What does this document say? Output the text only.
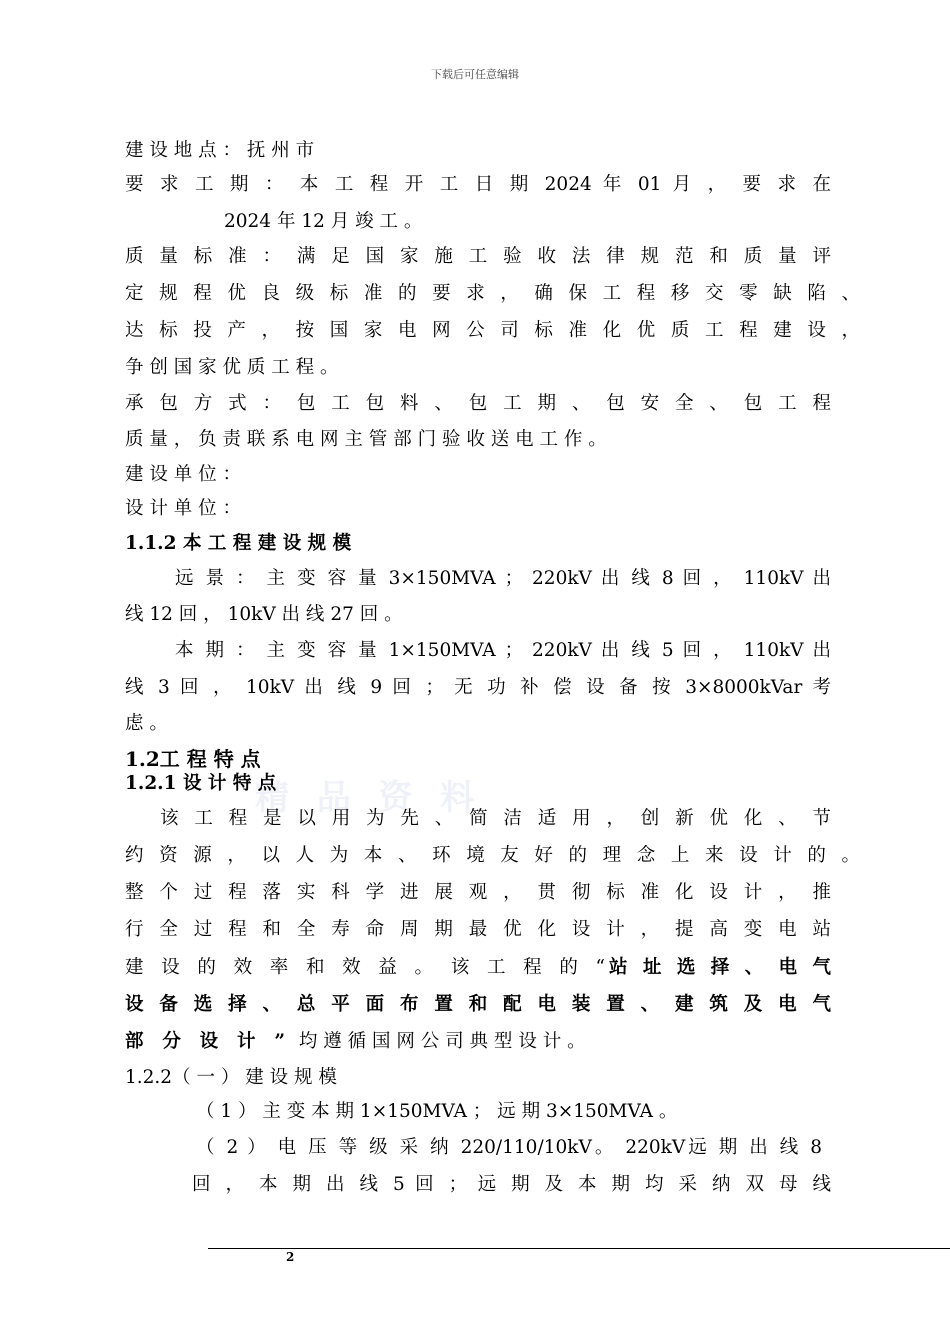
下载后可任意编辑
精 品 资 料
建 设 地 点 ： 抚 州 市
要 求 工 期 ： 本 工 程 开 工 日 期 2024 年 01 月 ， 要 求 在
2024 年 12 月 竣 工 。
质 量 标 准 ： 满 足 国 家 施 工 验 收 法 律 规 范 和 质 量 评
定 规 程 优 良 级 标 准 的 要 求 ， 确 保 工 程 移 交 零 缺 陷 、
达 标 投 产 ， 按 国 家 电 网 公 司 标 准 化 优 质 工 程 建 设 ，
争 创 国 家 优 质 工 程 。
承 包 方 式 ： 包 工 包 料 、 包 工 期 、 包 安 全 、 包 工 程
质 量 ， 负 责 联 系 电 网 主 管 部 门 验 收 送 电 工 作 。
建 设 单 位 ：
设 计 单 位 ：
1.1.2 本 工 程 建 设 规 模
远 景 ： 主 变 容 量 3×150MVA ； 220kV 出 线 8 回 ， 110kV 出
线 12 回 ， 10kV 出 线 27 回 。
本 期 ： 主 变 容 量 1×150MVA ； 220kV 出 线 5 回 ， 110kV 出
线 3 回 ， 10kV 出 线 9 回 ； 无 功 补 偿 设 备 按 3×8000kVar 考
虑 。
1.2工 程 特 点
1.2.1 设 计 特 点
该 工 程 是 以 用 为 先 、 简 洁 适 用 ， 创 新 优 化 、 节
约 资 源 ， 以 人 为 本 、 环 境 友 好 的 理 念 上 来 设 计 的 。
整 个 过 程 落 实 科 学 进 展 观 ， 贯 彻 标 准 化 设 计 ， 推
行 全 过 程 和 全 寿 命 周 期 最 优 化 设 计 ， 提 高 变 电 站
建 设 的 效 率 和 效 益 。 该 工 程 的 “ 站 址 选 择 、 电 气
设 备 选 择 、 总 平 面 布 置 和 配 电 装 置 、 建 筑 及 电 气
部 分 设 计 ” 均 遵 循 国 网 公 司 典 型 设 计 。
1.2.2（ 一 ） 建 设 规 模
（ 1 ） 主 变 本 期 1×150MVA ； 远 期 3×150MVA 。
（ 2 ） 电 压 等 级 采 纳 220/110/10kV。 220kV远 期 出 线 8
回 ， 本 期 出 线 5 回 ； 远 期 及 本 期 均 采 纳 双 母 线
2
